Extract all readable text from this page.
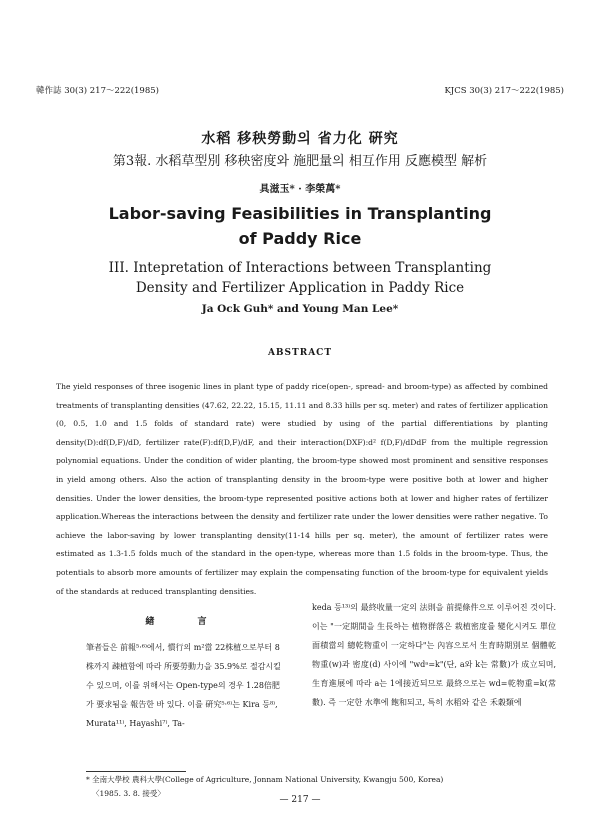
韓作誌 30(3) 217～222(1985)	KJCS 30(3) 217～222(1985)
水稻 移秧勞動의 省力化 硏究
第3報. 水稻草型別 移秧密度와 施肥量의 相互作用 反應模型 解析
具滋玉* · 李榮萬*
Labor-saving Feasibilities in Transplanting
of Paddy Rice
III. Intepretation of Interactions between Transplanting
Density and Fertilizer Application in Paddy Rice
Ja Ock Guh* and Young Man Lee*
ABSTRACT

The yield responses of three isogenic lines in plant type of paddy rice(open-, spread- and broom-type) as affected by combined treatments of transplanting densities (47.62, 22.22, 15.15, 11.11 and 8.33 hills per sq. meter) and rates of fertilizer application (0, 0.5, 1.0 and 1.5 folds of standard rate) were studied by using of the partial differentiations by planting density(D):df(D,F)/dD, fertilizer rate(F):df(D,F)/dF, and their interaction(DXF):d² f(D,F)/dDdF from the multiple regression polynomial equations. Under the condition of wider planting, the broom-type showed most prominent and sensitive responses in yield among others. Also the action of transplanting density in the broom-type were positive both at lower and higher densities. Under the lower densities, the broom-type represented positive actions both at lower and higher rates of fertilizer application.Whereas the interactions between the density and fertilizer rate under the lower densities were rather negative. To achieve the labor-saving by lower transplanting density(11-14 hills per sq. meter), the amount of fertilizer rates were estimated as 1.3-1.5 folds much of the standard in the open-type, whereas more than 1.5 folds in the broom-type. Thus, the potentials to absorb more amounts of fertilizer may explain the compensating function of the broom-type for equivalent yields of the standards at reduced transplanting densities.

緖 言

筆者들은 前報⁵·⁶⁾에서, 慣行의 m²當 22株植으로부터 8株까지 疎植함에 따라 所要勞動力을 35.9%로 절감시킬 수 있으며, 이를 위해서는 Open-type의 경우 1.28倍肥가 要求됨을 報告한 바 있다. 이를 硏究⁵·⁶⁾는 Kira 등⁸⁾, Murata¹¹⁾, Hayashi⁷⁾, Ta-

keda 등¹³⁾의 最終收量一定의 法則을 前提條件으로 이루어진 것이다. 이는 "一定期間을 生長하는 植物群落은 栽植密度를 變化시켜도 單位面積當의 總乾物重이 一定하다"는 內容으로서 生育時期別로 個體乾物重(w)과 密度(d) 사이에 "wdᵃ=k"(단, a와 k는 常數)가 成立되며, 生育進展에 따라 a는 1에接近되므로 最終으로는 wd=乾物重=k(常數). 즉 一定한 水準에 飽和되고, 특히 水稻와 같은 禾穀類에

* 全南大學校 農科大學(College of Agriculture, Jonnam National University, Kwangju 500, Korea)
〈1985. 3. 8. 接受〉
— 217 —
